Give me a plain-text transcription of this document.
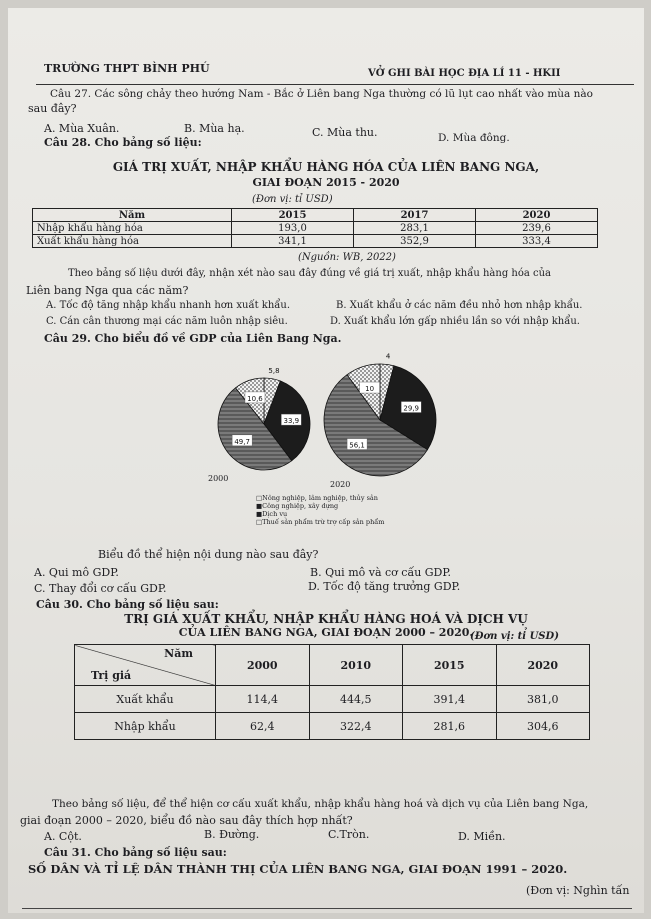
TRƯỜNG THPT BÌNH PHÚ	VỞ GHI BÀI HỌC ĐỊA LÍ 11 - HKII
Câu 27. Các sông chảy theo hướng Nam - Bắc ở Liên bang Nga thường có lũ lụt cao nhất vào mùa nào
sau đây?
A. Mùa Xuân.	B. Mùa hạ.	C. Mùa thu.	D. Mùa đông.
Câu 28. Cho bảng số liệu:
GIÁ TRỊ XUẤT, NHẬP KHẨU HÀNG HÓA CỦA LIÊN BANG NGA,
GIAI ĐOẠN 2015 - 2020
(Đơn vị: tỉ USD)
Năm	2015	2017	2020
Nhập khẩu hàng hóa	193,0	283,1	239,6
Xuất khẩu hàng hóa	341,1	352,9	333,4
(Nguồn: WB, 2022)
Theo bảng số liệu dưới đây, nhận xét nào sau đây đúng về giá trị xuất, nhập khẩu hàng hóa của
Liên bang Nga qua các năm?
A. Tốc độ tăng nhập khẩu nhanh hơn xuất khẩu.	B. Xuất khẩu ở các năm đều nhỏ hơn nhập khẩu.
C. Cán cân thương mại các năm luôn nhập siêu.	D. Xuất khẩu lớn gấp nhiều lần so với nhập khẩu.
Câu 29. Cho biểu đồ về GDP của Liên Bang Nga.
5,8
33,9
49,7
10,6
4
29,9
56,1
10
2000
2020
□Nông nghiệp, lâm nghiệp, thủy sản
■Công nghiệp, xây dựng
■Dịch vụ
□Thuế sản phẩm trừ trợ cấp sản phẩm
Biểu đồ thể hiện nội dung nào sau đây?
A. Qui mô GDP.	B. Qui mô và cơ cấu GDP.
C. Thay đổi cơ cấu GDP.	D. Tốc độ tăng trưởng GDP.
Câu 30. Cho bảng số liệu sau:
TRỊ GIÁ XUẤT KHẨU, NHẬP KHẨU HÀNG HOÁ VÀ DỊCH VỤ
CỦA LIÊN BANG NGA, GIAI ĐOẠN 2000 – 2020.
(Đơn vị: tỉ USD)
Năm
Trị giá	2000	2010	2015	2020
Xuất khẩu	114,4	444,5	391,4	381,0
Nhập khẩu	62,4	322,4	281,6	304,6
Theo bảng số liệu, để thể hiện cơ cấu xuất khẩu, nhập khẩu hàng hoá và dịch vụ của Liên bang Nga,
giai đoạn 2000 – 2020, biểu đồ nào sau đây thích hợp nhất?
A. Cột.	B. Đường.	C.Tròn.	D. Miền.
Câu 31. Cho bảng số liệu sau:
SỐ DÂN VÀ TỈ LỆ DÂN THÀNH THỊ CỦA LIÊN BANG NGA, GIAI ĐOẠN 1991 – 2020.
(Đơn vị: Nghìn tấn
